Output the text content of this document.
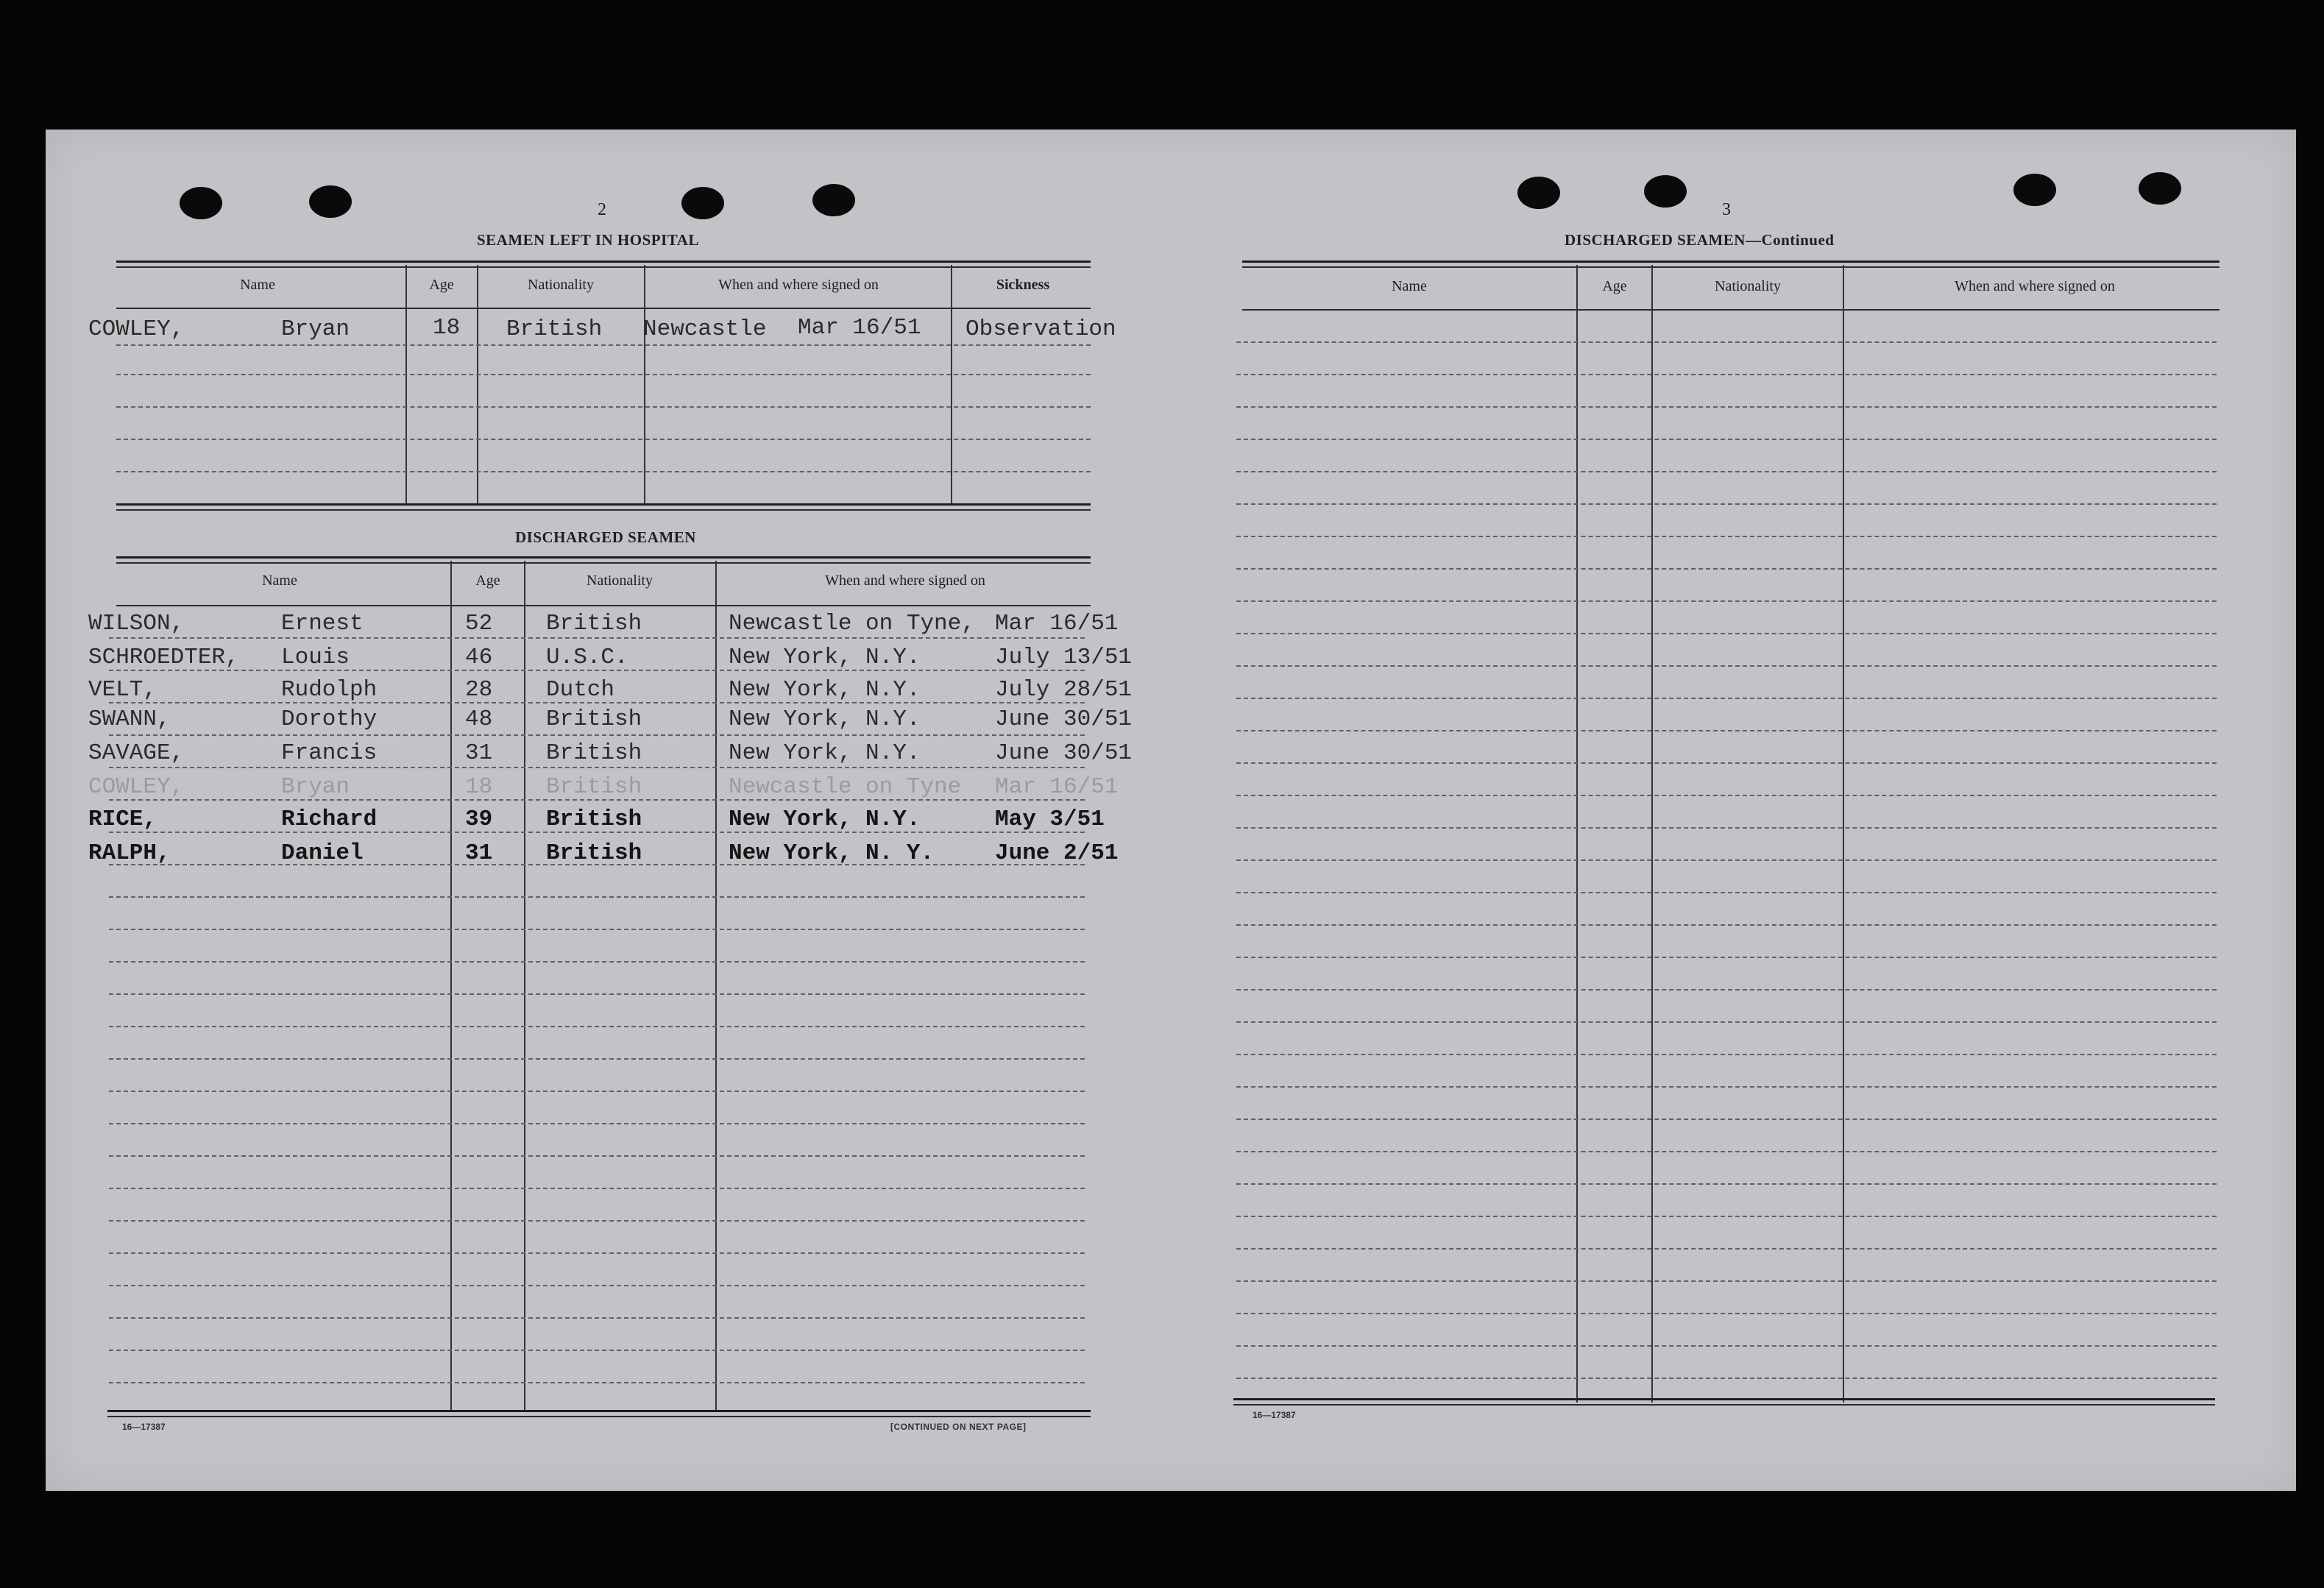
2
SEAMEN LEFT IN HOSPITAL
Name	Age	Nationality	When and where signed on	Sickness
COWLEY,	Bryan	18 British Newcastle Mar 16/51 Observation
DISCHARGED SEAMEN
Name	Age	Nationality	When and where signed on
WILSON,	Ernest	52 British	Newcastle on Tyne, Mar 16/51
SCHROEDTER, Louis	46 U.S.C.	New York, N.Y.	July 13/51
VELT,	Rudolph	28 Dutch	New York, N.Y.	July 28/51
SWANN,	Dorothy	48 British	New York, N.Y.	June 30/51
SAVAGE,	Francis	31 British	New York, N.Y.	June 30/51
COWLEY,	Bryan	18 British	Newcastle on Tyne Mar 16/51
RICE,	Richard	39 British	New York, N.Y.	May 3/51
RALPH,	Daniel	31 British	New York, N. Y.	June 2/51
16—17387	[CONTINUED ON NEXT PAGE]
3
DISCHARGED SEAMEN—Continued
Name	Age	Nationality	When and where signed on
16—17387
